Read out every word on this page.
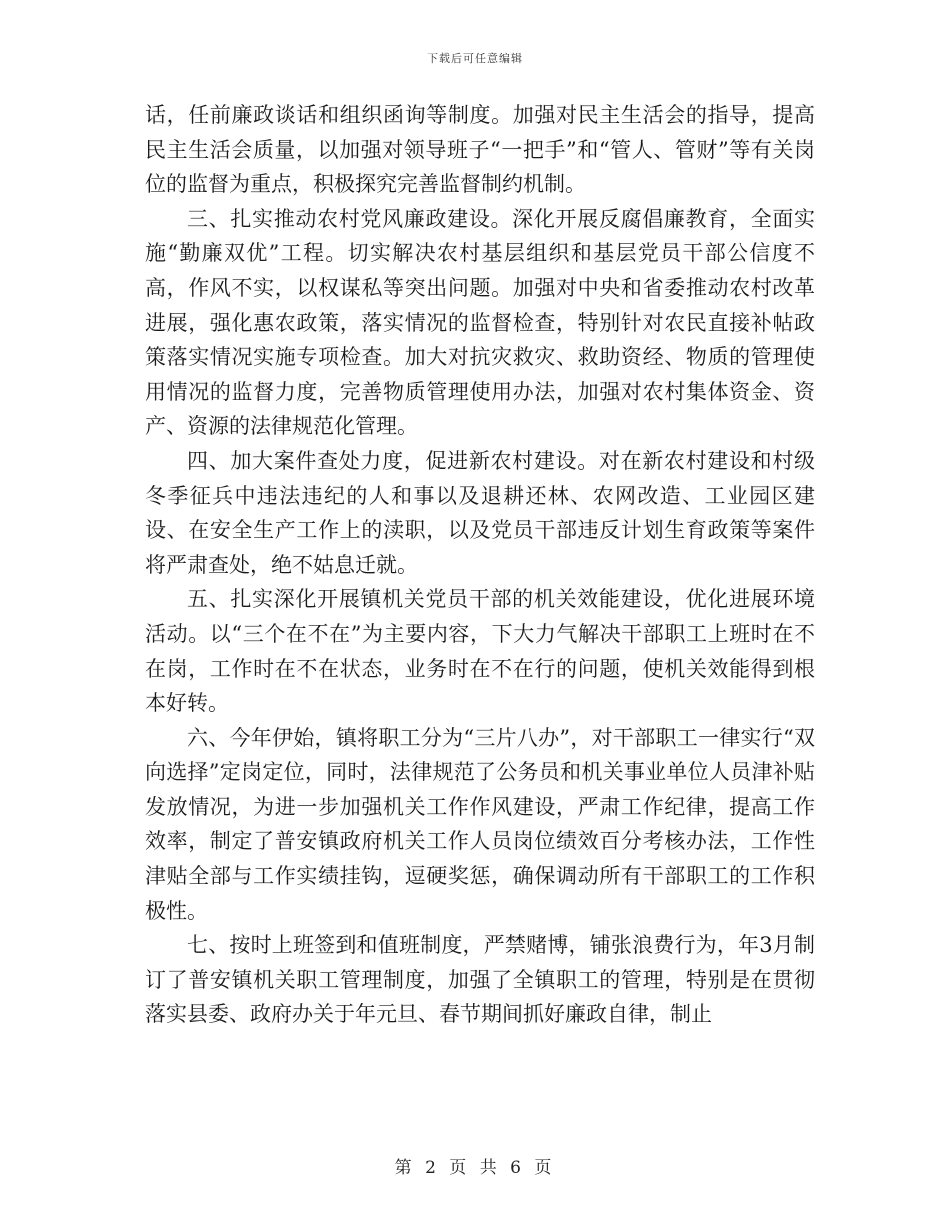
下载后可任意编辑

话，任前廉政谈话和组织函询等制度。加强对民主生活会的指导，提高民主生活会质量，以加强对领导班子“一把手”和“管人、管财”等有关岗位的监督为重点，积极探究完善监督制约机制。

三、扎实推动农村党风廉政建设。深化开展反腐倡廉教育，全面实施“勤廉双优”工程。切实解决农村基层组织和基层党员干部公信度不高，作风不实，以权谋私等突出问题。加强对中央和省委推动农村改革进展，强化惠农政策，落实情况的监督检查，特别针对农民直接补帖政策落实情况实施专项检查。加大对抗灾救灾、救助资经、物质的管理使用情况的监督力度，完善物质管理使用办法，加强对农村集体资金、资产、资源的法律规范化管理。

四、加大案件查处力度，促进新农村建设。对在新农村建设和村级冬季征兵中违法违纪的人和事以及退耕还林、农网改造、工业园区建设、在安全生产工作上的渎职，以及党员干部违反计划生育政策等案件将严肃查处，绝不姑息迁就。

五、扎实深化开展镇机关党员干部的机关效能建设，优化进展环境活动。以“三个在不在”为主要内容，下大力气解决干部职工上班时在不在岗，工作时在不在状态，业务时在不在行的问题，使机关效能得到根本好转。

六、今年伊始，镇将职工分为“三片八办”，对干部职工一律实行“双向选择”定岗定位，同时，法律规范了公务员和机关事业单位人员津补贴发放情况，为进一步加强机关工作作风建设，严肃工作纪律，提高工作效率，制定了普安镇政府机关工作人员岗位绩效百分考核办法，工作性津贴全部与工作实绩挂钩，逗硬奖惩，确保调动所有干部职工的工作积极性。

七、按时上班签到和值班制度，严禁赌博，铺张浪费行为，年3月制订了普安镇机关职工管理制度，加强了全镇职工的管理，特别是在贯彻落实县委、政府办关于年元旦、春节期间抓好廉政自律，制止

第 2 页 共 6 页
